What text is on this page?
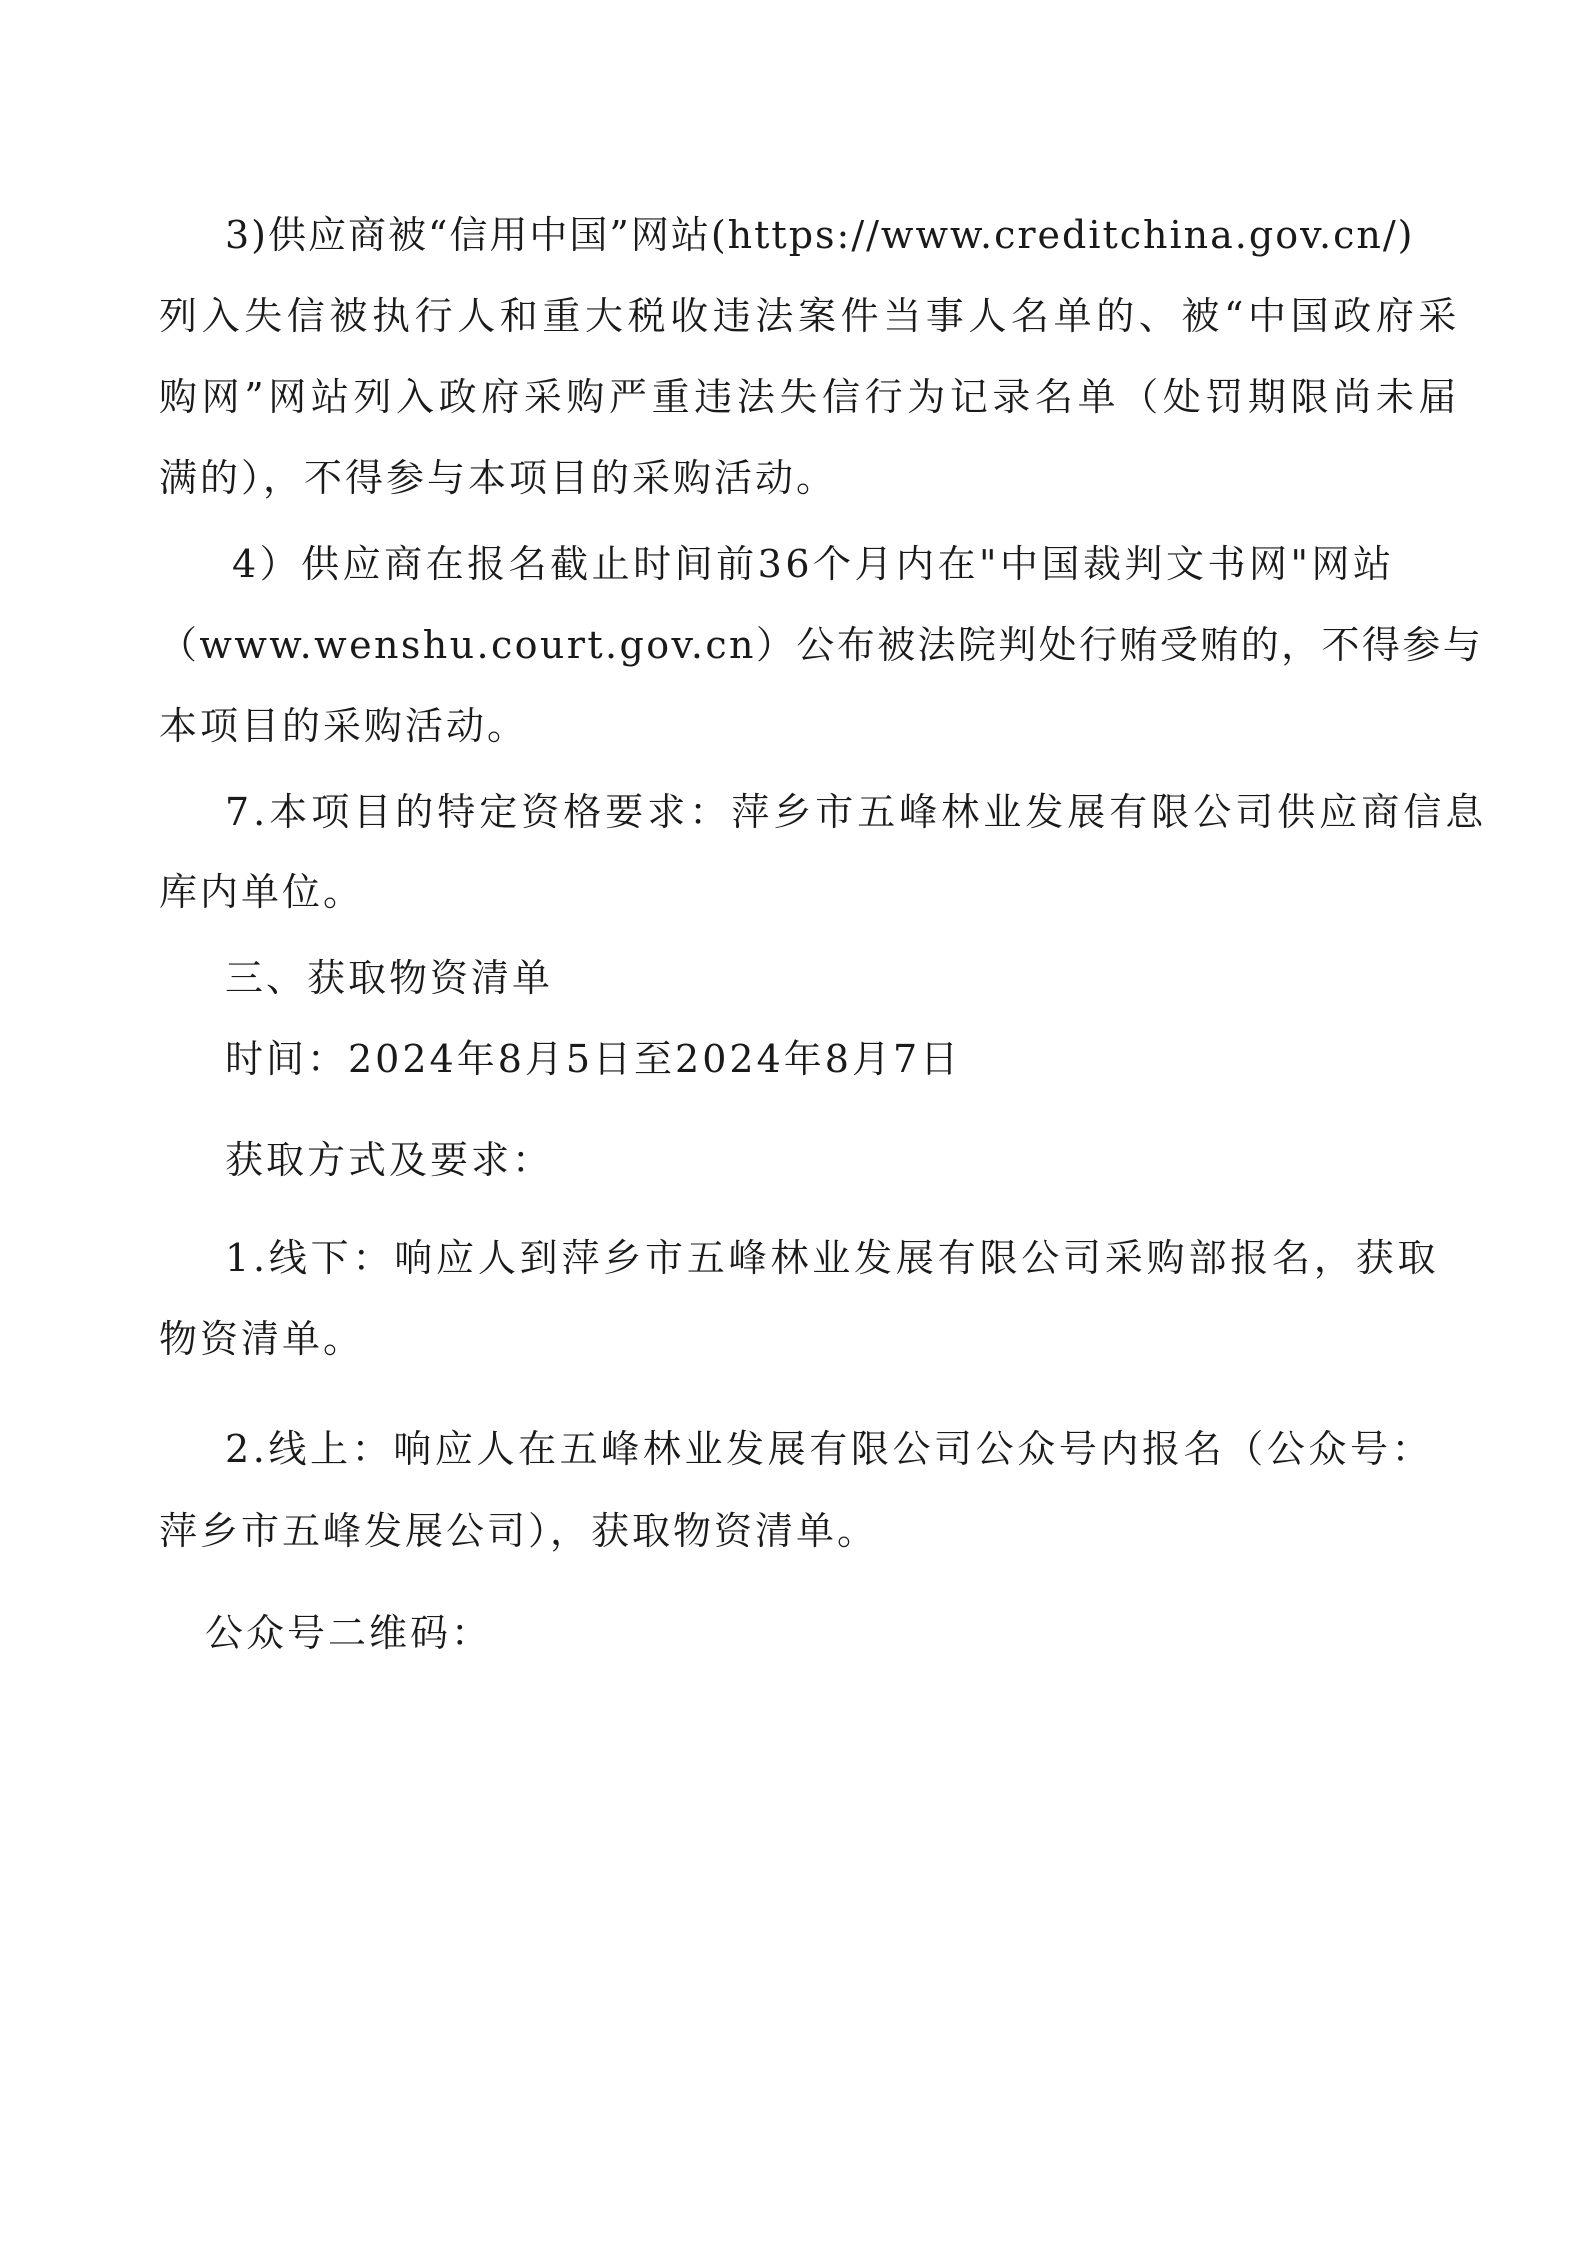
3)供应商被“信用中国”网站(https://www.creditchina.gov.cn/)
列入失信被执行人和重大税收违法案件当事人名单的、被“中国政府采
购网”网站列入政府采购严重违法失信行为记录名单（处罚期限尚未届
满的），不得参与本项目的采购活动。
4）供应商在报名截止时间前36个月内在"中国裁判文书网"网站
（www.wenshu.court.gov.cn）公布被法院判处行贿受贿的，不得参与
本项目的采购活动。
7.本项目的特定资格要求：萍乡市五峰林业发展有限公司供应商信息
库内单位。
三、获取物资清单
时间：2024年8月5日至2024年8月7日
获取方式及要求：
1.线下：响应人到萍乡市五峰林业发展有限公司采购部报名，获取
物资清单。
2.线上：响应人在五峰林业发展有限公司公众号内报名（公众号：
萍乡市五峰发展公司），获取物资清单。
公众号二维码：
